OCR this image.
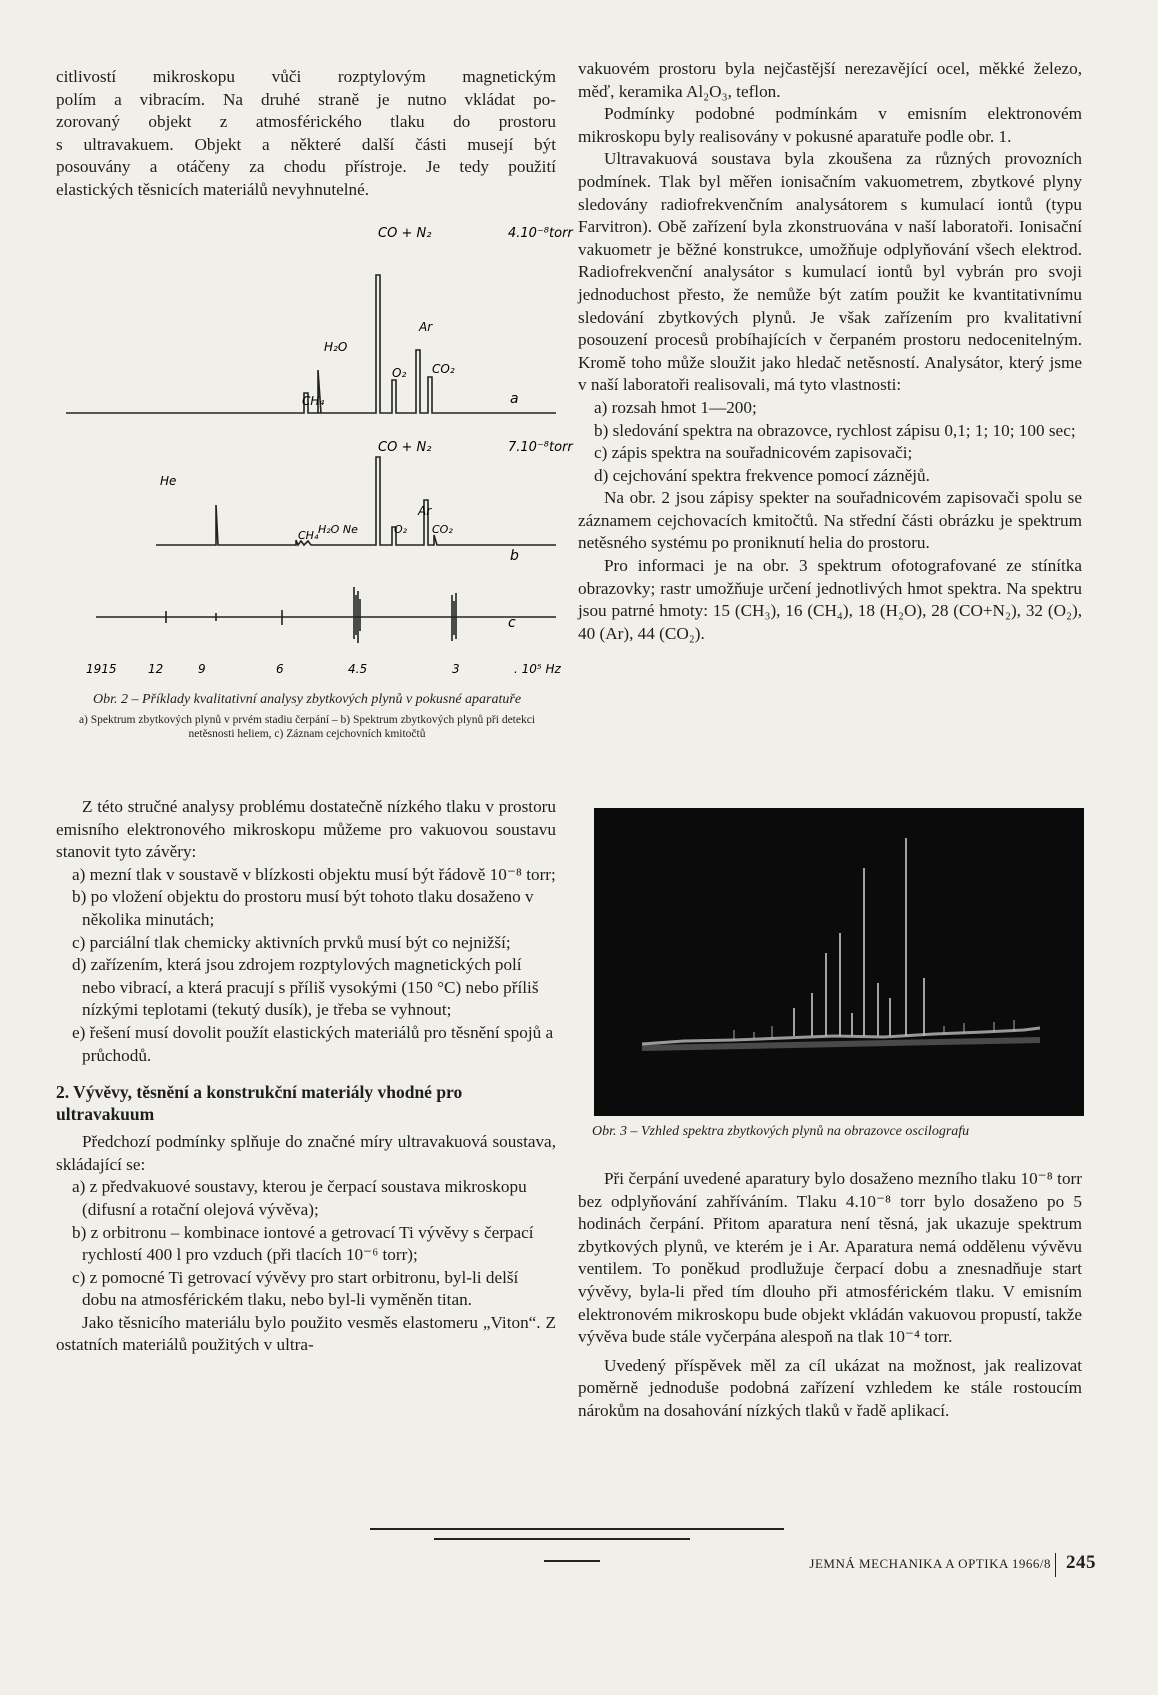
citlivostí mikroskopu vůči rozptylovým magnetickým

polím a vibracím. Na druhé straně je nutno vkládat po-

zorovaný objekt z atmosférického tlaku do prostoru

s ultravakuem. Objekt a některé další části musejí být

posouvány a otáčeny za chodu přístroje. Je tedy použití

elastických těsnicích materiálů nevyhnutelné.

CO + N₂	4.10⁻⁸torr
H₂O
Ar
O₂ CO₂
CH₄	a
CO + N₂	7.10⁻⁸torr
He
Ar
CH₄ H₂O Ne	O₂ CO₂
b
c
1915	12	9	6	4.5	3	. 10⁵ Hz
Obr. 2 – Příklady kvalitativní analysy zbytkových plynů v pokusné aparatuře
a) Spektrum zbytkových plynů v prvém stadiu čerpání – b) Spektrum zbytkových plynů při detekci netěsnosti heliem, c) Záznam cejchovních kmitočtů

Z této stručné analysy problému dostatečně nízkého tlaku v prostoru emisního elektronového mikroskopu můžeme pro vakuovou soustavu stanovit tyto závěry:

a) mezní tlak v soustavě v blízkosti objektu musí být řádově 10⁻⁸ torr;

b) po vložení objektu do prostoru musí být tohoto tlaku dosaženo v několika minutách;

c) parciální tlak chemicky aktivních prvků musí být co nejnižší;

d) zařízením, která jsou zdrojem rozptylových magnetických polí nebo vibrací, a která pracují s příliš vysokými (150 °C) nebo příliš nízkými teplotami (tekutý dusík), je třeba se vyhnout;

e) řešení musí dovolit použít elastických materiálů pro těsnění spojů a průchodů.

2. Vývěvy, těsnění a konstrukční materiály vhodné pro ultravakuum

Předchozí podmínky splňuje do značné míry ultravakuová soustava, skládající se:

a) z předvakuové soustavy, kterou je čerpací soustava mikroskopu (difusní a rotační olejová vývěva);

b) z orbitronu – kombinace iontové a getrovací Ti vývěvy s čerpací rychlostí 400 l pro vzduch (při tlacích 10⁻⁶ torr);

c) z pomocné Ti getrovací vývěvy pro start orbitronu, byl-li delší dobu na atmosférickém tlaku, nebo byl-li vyměněn titan.

Jako těsnicího materiálu bylo použito vesměs elastomeru „Viton“. Z ostatních materiálů použitých v ultra-

vakuovém prostoru byla nejčastější nerezavějící ocel, měkké železo, měď, keramika Al₂O₃, teflon.

Podmínky podobné podmínkám v emisním elektronovém mikroskopu byly realisovány v pokusné aparatuře podle obr. 1.

Ultravakuová soustava byla zkoušena za různých provozních podmínek. Tlak byl měřen ionisačním vakuometrem, zbytkové plyny sledovány radiofrekvenčním analysátorem s kumulací iontů (typu Farvitron). Obě zařízení byla zkonstruována v naší laboratoři. Ionisační vakuometr je běžné konstrukce, umožňuje odplyňování všech elektrod. Radiofrekvenční analysátor s kumulací iontů byl vybrán pro svoji jednoduchost přesto, že nemůže být zatím použit ke kvantitativnímu sledování zbytkových plynů. Je však zařízením pro kvalitativní posouzení procesů probíhajících v čerpaném prostoru nedocenitelným. Kromě toho může sloužit jako hledač netěsností. Analysátor, který jsme v naší laboratoři realisovali, má tyto vlastnosti:

a) rozsah hmot 1—200;

b) sledování spektra na obrazovce, rychlost zápisu 0,1; 1; 10; 100 sec;

c) zápis spektra na souřadnicovém zapisovači;

d) cejchování spektra frekvence pomocí záznějů.

Na obr. 2 jsou zápisy spekter na souřadnicovém zapisovači spolu se záznamem cejchovacích kmitočtů. Na střední části obrázku je spektrum netěsného systému po proniknutí helia do prostoru.

Pro informaci je na obr. 3 spektrum ofotografované ze stínítka obrazovky; rastr umožňuje určení jednotlivých hmot spektra. Na spektru jsou patrné hmoty: 15 (CH₃), 16 (CH₄), 18 (H₂O), 28 (CO+N₂), 32 (O₂), 40 (Ar), 44 (CO₂).

Obr. 3 – Vzhled spektra zbytkových plynů na obrazovce oscilografu

Při čerpání uvedené aparatury bylo dosaženo mezního tlaku 10⁻⁸ torr bez odplyňování zahříváním. Tlaku 4.10⁻⁸ torr bylo dosaženo po 5 hodinách čerpání. Přitom aparatura není těsná, jak ukazuje spektrum zbytkových plynů, ve kterém je i Ar. Aparatura nemá oddělenu vývěvu ventilem. To poněkud prodlužuje čerpací dobu a znesnadňuje start vývěvy, byla-li před tím dlouho při atmosférickém tlaku. V emisním elektronovém mikroskopu bude objekt vkládán vakuovou propustí, takže vývěva bude stále vyčerpána alespoň na tlak 10⁻⁴ torr.

Uvedený příspěvek měl za cíl ukázat na možnost, jak realizovat poměrně jednoduše podobná zařízení vzhledem ke stále rostoucím nárokům na dosahování nízkých tlaků v řadě aplikací.

JEMNÁ MECHANIKA A OPTIKA 1966/8 245
